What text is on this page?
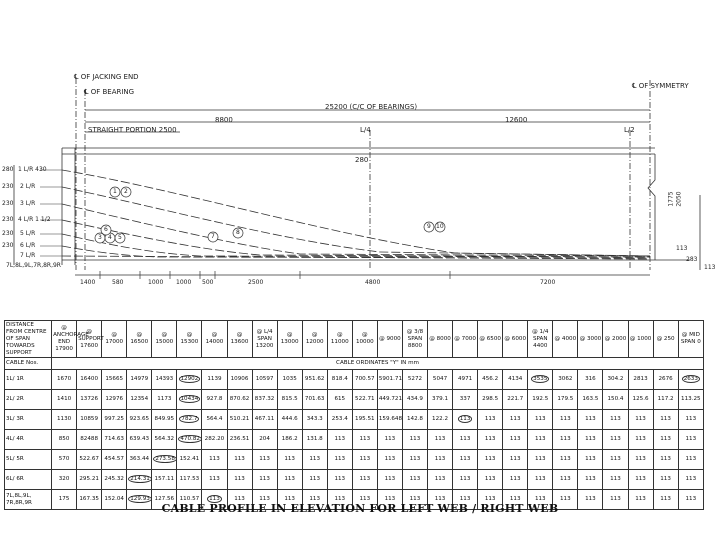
℄ OF JACKING END
℄ OF BEARING
℄ OF SYMMETRY
25200 (C/C OF BEARINGS)
8800	12600
STRAIGHT PORTION 2500	L/4	L/2
280
1775 2050
1 L/R 430
2 L/R
3 L/R
4 L/R 1 1/2
5 L/R
6 L/R
7 L/R
7L,8L,9L,7R,8R,9R
280
230
230
230
230
230
1400	580	1000 1000 500	2500	4800	7200
113
283
113
1 2
3 4 5
6
7
8
9 10
DISTANCE FROM CENTRE OF SPAN TOWARDS SUPPORT	@ ANCHORAGE END 17900	@ SUPPORT 17600	@ 17000	@ 16500	@ 15000	@ 15300	@ 14000	@ 13600	@ L/4 SPAN 13200	@ 13000	@ 12000	@ 11000	@ 10000	@ 9000	@ 3/8 SPAN 8800	@ 8000	@ 7000	@ 6500	@ 6000	@ 1/4 SPAN 4400	@ 4000	@ 3000	@ 2000	@ 1000	@ 250	@ MID SPAN 0
CABLE Nos.	CABLE ORDINATES "Y" IN mm																									
1L/ 1R	1670	16400	15665	14979	14393	12902	1139	10906	10597	1035	951.62	818.4	700.57	5901.71	5272	5047	4971	456.2	4134	3535	3062	316	304.2	2813	2676	2633
2L/ 2R	1410	13726	12976	12354	1173	10434	927.8	870.62	837.32	815.5	701.63	615	522.71	449.721	434.9	379.1	337	298.5	221.7	192.5	179.5	163.5	150.4	125.6	117.2	113.25
3L/ 3R	1130	10859	997.25	923.65	849.95	782.7	564.4	510.21	467.11	444.6	343.3	253.4	195.51	159.648	142.8	122.2	113	113	113	113	113	113	113	113	113	113
4L/ 4R	850	82488	714.63	639.43	564.32	470.82	282.20	236.51	204	186.2	131.8	113	113	113	113	113	113	113	113	113	113	113	113	113	113	113
5L/ 5R	570	522.67	454.57	363.44	273.58	152.41	113	113	113	113	113	113	113	113	113	113	113	113	113	113	113	113	113	113	113	113
6L/ 6R	320	295.21	245.32	214.31	157.11	117.53	113	113	113	113	113	113	113	113	113	113	113	113	113	113	113	113	113	113	113	113
7L,8L,9L, 7R,8R,9R	175	167.35	152.04	129.93	127.56	110.57	113	113	113	113	113	113	113	113	113	113	113	113	113	113	113	113	113	113	113	113
CABLE PROFILE IN ELEVATION FOR LEFT WEB / RIGHT WEB
